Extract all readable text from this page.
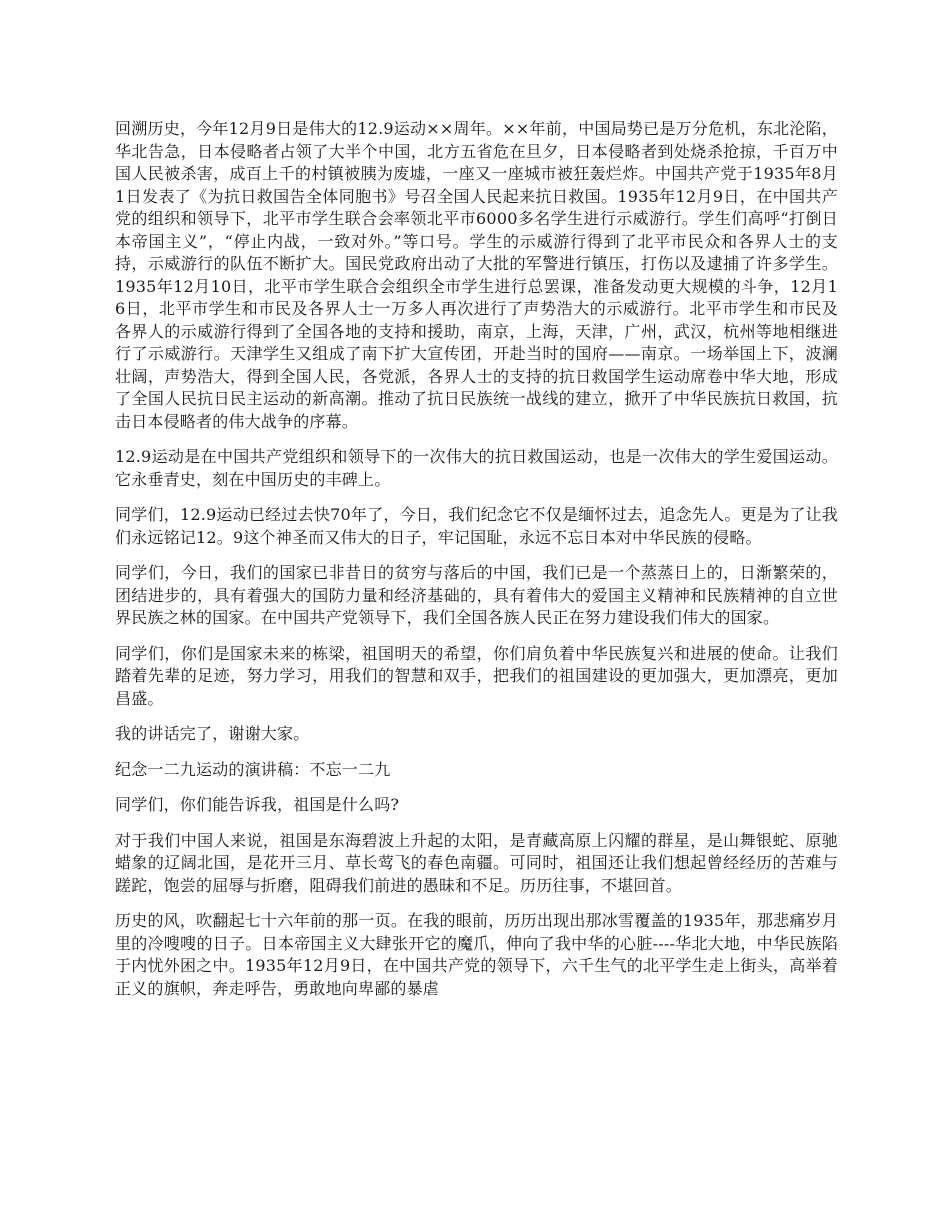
回溯历史，今年12月9日是伟大的12.9运动××周年。××年前，中国局势已是万分危机，东北沦陷，华北告急，日本侵略者占领了大半个中国，北方五省危在旦夕，日本侵略者到处烧杀抢掠，千百万中国人民被杀害，成百上千的村镇被胰为废墟，一座又一座城市被狂轰烂炸。中国共产党于1935年8月1日发表了《为抗日救国告全体同胞书》号召全国人民起来抗日救国。1935年12月9日，在中国共产党的组织和领导下，北平市学生联合会率领北平市6000多名学生进行示威游行。学生们高呼“打倒日本帝国主义”，“停止内战，一致对外。”等口号。学生的示威游行得到了北平市民众和各界人士的支持，示威游行的队伍不断扩大。国民党政府出动了大批的军警进行镇压，打伤以及逮捕了许多学生。1935年12月10日，北平市学生联合会组织全市学生进行总罢课，准备发动更大规模的斗争，12月16日，北平市学生和市民及各界人士一万多人再次进行了声势浩大的示威游行。北平市学生和市民及各界人的示威游行得到了全国各地的支持和援助，南京，上海，天津，广州，武汉，杭州等地相继进行了示威游行。天津学生又组成了南下扩大宣传团，开赴当时的国府——南京。一场举国上下，波澜壮阔，声势浩大，得到全国人民，各党派，各界人士的支持的抗日救国学生运动席卷中华大地，形成了全国人民抗日民主运动的新高潮。推动了抗日民族统一战线的建立，掀开了中华民族抗日救国，抗击日本侵略者的伟大战争的序幕。

12.9运动是在中国共产党组织和领导下的一次伟大的抗日救国运动，也是一次伟大的学生爱国运动。它永垂青史，刻在中国历史的丰碑上。

同学们，12.9运动已经过去快70年了，今日，我们纪念它不仅是缅怀过去，追念先人。更是为了让我们永远铭记12。9这个神圣而又伟大的日子，牢记国耻，永远不忘日本对中华民族的侵略。

同学们，今日，我们的国家已非昔日的贫穷与落后的中国，我们已是一个蒸蒸日上的，日渐繁荣的，团结进步的，具有着强大的国防力量和经济基础的，具有着伟大的爱国主义精神和民族精神的自立世界民族之林的国家。在中国共产党领导下，我们全国各族人民正在努力建设我们伟大的国家。

同学们，你们是国家未来的栋梁，祖国明天的希望，你们肩负着中华民族复兴和进展的使命。让我们踏着先辈的足迹，努力学习，用我们的智慧和双手，把我们的祖国建设的更加强大，更加漂亮，更加昌盛。

我的讲话完了，谢谢大家。

纪念一二九运动的演讲稿：不忘一二九

同学们，你们能告诉我，祖国是什么吗?

对于我们中国人来说，祖国是东海碧波上升起的太阳，是青藏高原上闪耀的群星，是山舞银蛇、原驰蜡象的辽阔北国，是花开三月、草长莺飞的春色南疆。可同时，祖国还让我们想起曾经经历的苦难与蹉跎，饱尝的屈辱与折磨，阻碍我们前进的愚昧和不足。历历往事，不堪回首。

历史的风，吹翻起七十六年前的那一页。在我的眼前，历历出现出那冰雪覆盖的1935年，那悲痛岁月里的冷嗖嗖的日子。日本帝国主义大肆张开它的魔爪，伸向了我中华的心脏----华北大地，中华民族陷于内忧外困之中。1935年12月9日，在中国共产党的领导下，六千生气的北平学生走上街头，高举着正义的旗帜，奔走呼告，勇敢地向卑鄙的暴虐
